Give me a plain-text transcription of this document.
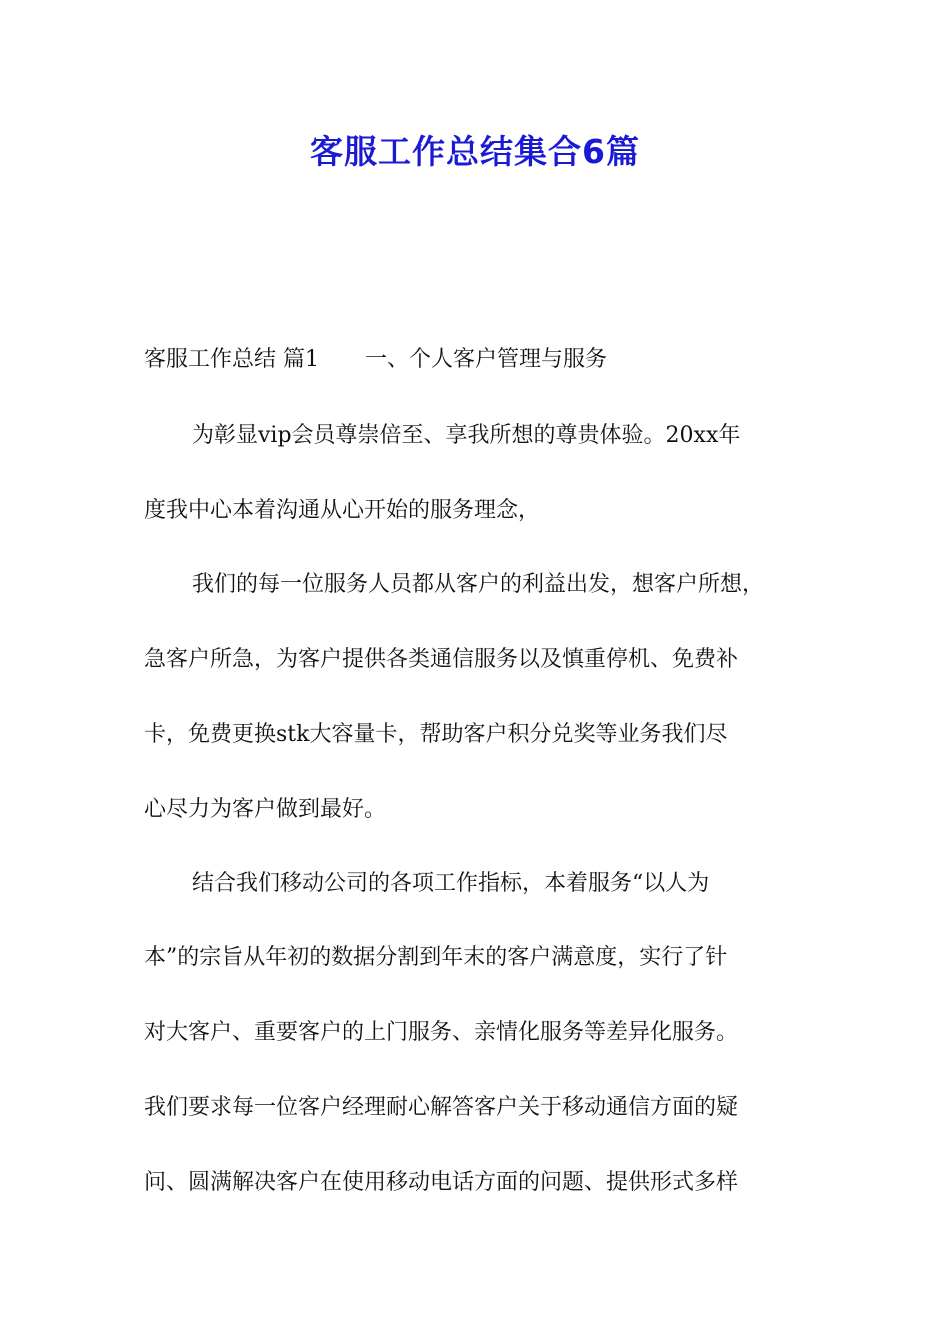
客服工作总结集合6篇
客服工作总结 篇1 一、个人客户管理与服务
为彰显vip会员尊崇倍至、享我所想的尊贵体验。20xx年
度我中心本着沟通从心开始的服务理念，
我们的每一位服务人员都从客户的利益出发，想客户所想，
急客户所急，为客户提供各类通信服务以及慎重停机、免费补
卡，免费更换stk大容量卡，帮助客户积分兑奖等业务我们尽
心尽力为客户做到最好。
结合我们移动公司的各项工作指标，本着服务“以人为
本”的宗旨从年初的数据分割到年末的客户满意度，实行了针
对大客户、重要客户的上门服务、亲情化服务等差异化服务。
我们要求每一位客户经理耐心解答客户关于移动通信方面的疑
问、圆满解决客户在使用移动电话方面的问题、提供形式多样
